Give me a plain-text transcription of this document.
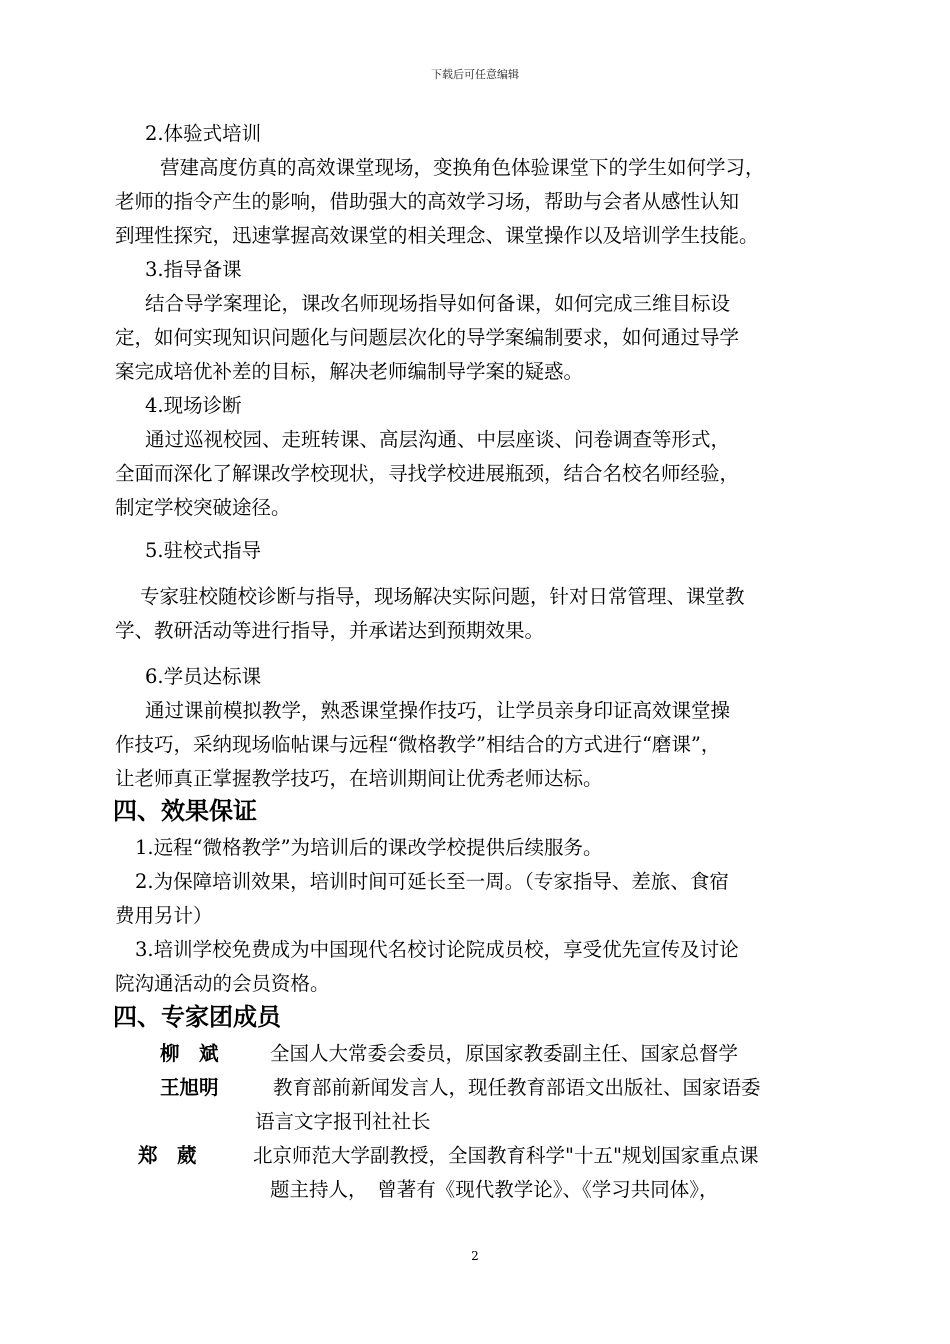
下载后可任意编辑
2.体验式培训
营建高度仿真的高效课堂现场，变换角色体验课堂下的学生如何学习，
老师的指令产生的影响，借助强大的高效学习场，帮助与会者从感性认知
到理性探究，迅速掌握高效课堂的相关理念、课堂操作以及培训学生技能。
3.指导备课
结合导学案理论，课改名师现场指导如何备课，如何完成三维目标设
定，如何实现知识问题化与问题层次化的导学案编制要求，如何通过导学
案完成培优补差的目标，解决老师编制导学案的疑惑。
4.现场诊断
通过巡视校园、走班转课、高层沟通、中层座谈、问卷调查等形式，
全面而深化了解课改学校现状，寻找学校进展瓶颈，结合名校名师经验，
制定学校突破途径。
5.驻校式指导
专家驻校随校诊断与指导，现场解决实际问题，针对日常管理、课堂教
学、教研活动等进行指导，并承诺达到预期效果。
6.学员达标课
通过课前模拟教学，熟悉课堂操作技巧，让学员亲身印证高效课堂操
作技巧，采纳现场临帖课与远程“微格教学”相结合的方式进行“磨课”，
让老师真正掌握教学技巧，在培训期间让优秀老师达标。
四、效果保证
1.远程“微格教学”为培训后的课改学校提供后续服务。
2.为保障培训效果，培训时间可延长至一周。（专家指导、差旅、食宿
费用另计）
3.培训学校免费成为中国现代名校讨论院成员校，享受优先宣传及讨论
院沟通活动的会员资格。
四、专家团成员
柳　斌	全国人大常委会委员，原国家教委副主任、国家总督学
王旭明	教育部前新闻发言人，现任教育部语文出版社、国家语委
语言文字报刊社社长
郑　葳	北京师范大学副教授，全国教育科学"十五"规划国家重点课
题主持人，　曾著有《现代教学论》、《学习共同体》，
2
